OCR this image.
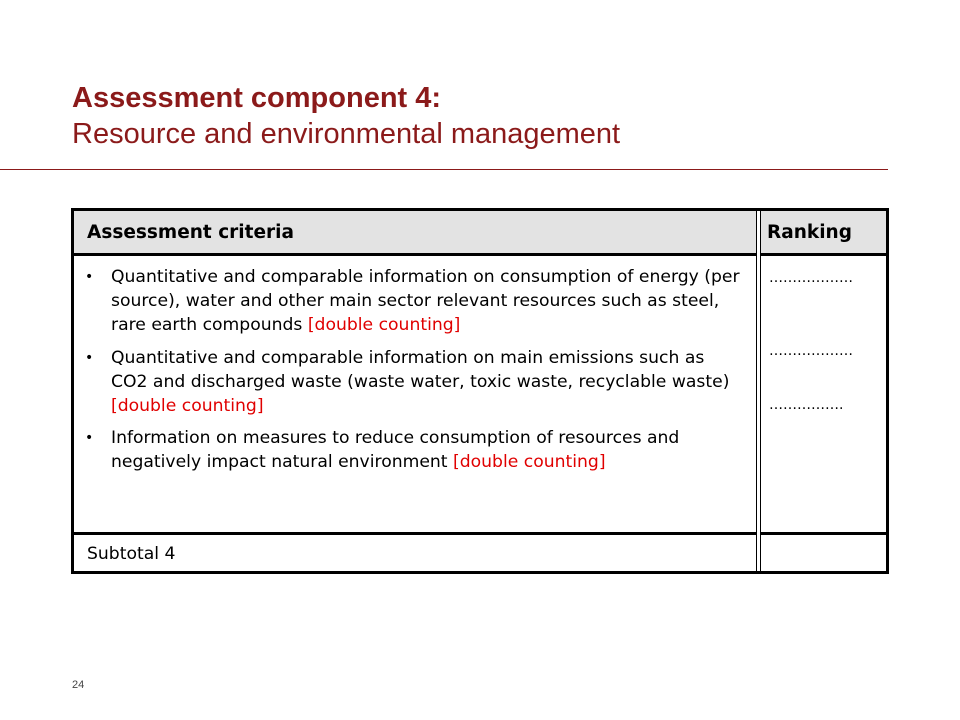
Assessment component 4:
Resource and environmental management
Assessment criteria	Ranking
• Quantitative and comparable information on consumption of energy (per source), water and other main sector relevant resources such as steel, rare earth compounds [double counting]
• Quantitative and comparable information on main emissions such as CO2 and discharged waste (waste water, toxic waste, recyclable waste) [double counting]
• Information on measures to reduce consumption of resources and negatively impact natural environment [double counting]
………………
………………
…………….
Subtotal 4
24
